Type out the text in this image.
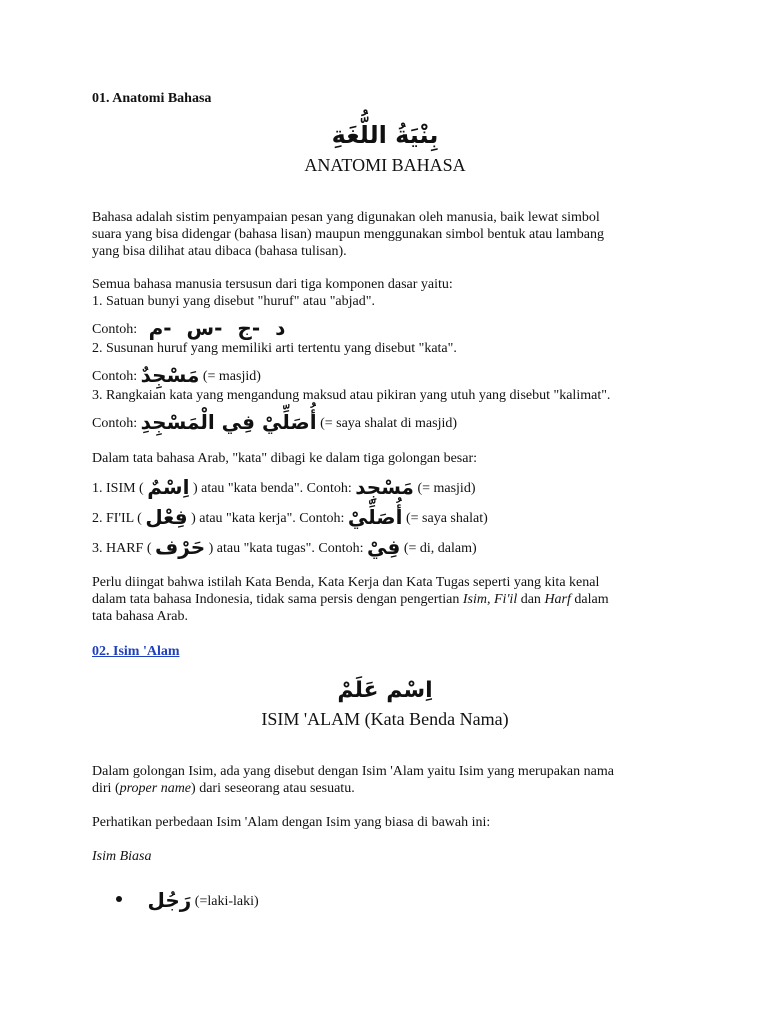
01. Anatomi Bahasa
بِنْيَةُ اللُّغَةِ
ANATOMI BAHASA
Bahasa adalah sistim penyampaian pesan yang digunakan oleh manusia, baik lewat simbol
suara yang bisa didengar (bahasa lisan) maupun menggunakan simbol bentuk atau lambang
yang bisa dilihat atau dibaca (bahasa tulisan).
Semua bahasa manusia tersusun dari tiga komponen dasar yaitu:
1. Satuan bunyi yang disebut "huruf" atau "abjad".
Contoh: د -ج -س -م
2. Susunan huruf yang memiliki arti tertentu yang disebut "kata".
Contoh: مَسْجِدٌ (= masjid)
3. Rangkaian kata yang mengandung maksud atau pikiran yang utuh yang disebut "kalimat".
Contoh: أُصَلِّيْ فِي الْمَسْجِدِ (= saya shalat di masjid)
Dalam tata bahasa Arab, "kata" dibagi ke dalam tiga golongan besar:
1. ISIM ( اِسْمٌ ) atau "kata benda". Contoh: مَسْجِد (= masjid)
2. FI'IL ( فِعْل ) atau "kata kerja". Contoh: أُصَلِّيْ (= saya shalat)
3. HARF ( حَرْف ) atau "kata tugas". Contoh: فِيْ (= di, dalam)
Perlu diingat bahwa istilah Kata Benda, Kata Kerja dan Kata Tugas seperti yang kita kenal
dalam tata bahasa Indonesia, tidak sama persis dengan pengertian Isim, Fi'il dan Harf dalam
tata bahasa Arab.
02. Isim 'Alam
اِسْم عَلَمْ
ISIM 'ALAM (Kata Benda Nama)
Dalam golongan Isim, ada yang disebut dengan Isim 'Alam yaitu Isim yang merupakan nama
diri (proper name) dari seseorang atau sesuatu.
Perhatikan perbedaan Isim 'Alam dengan Isim yang biasa di bawah ini:
Isim Biasa
رَجُل (=laki-laki)
